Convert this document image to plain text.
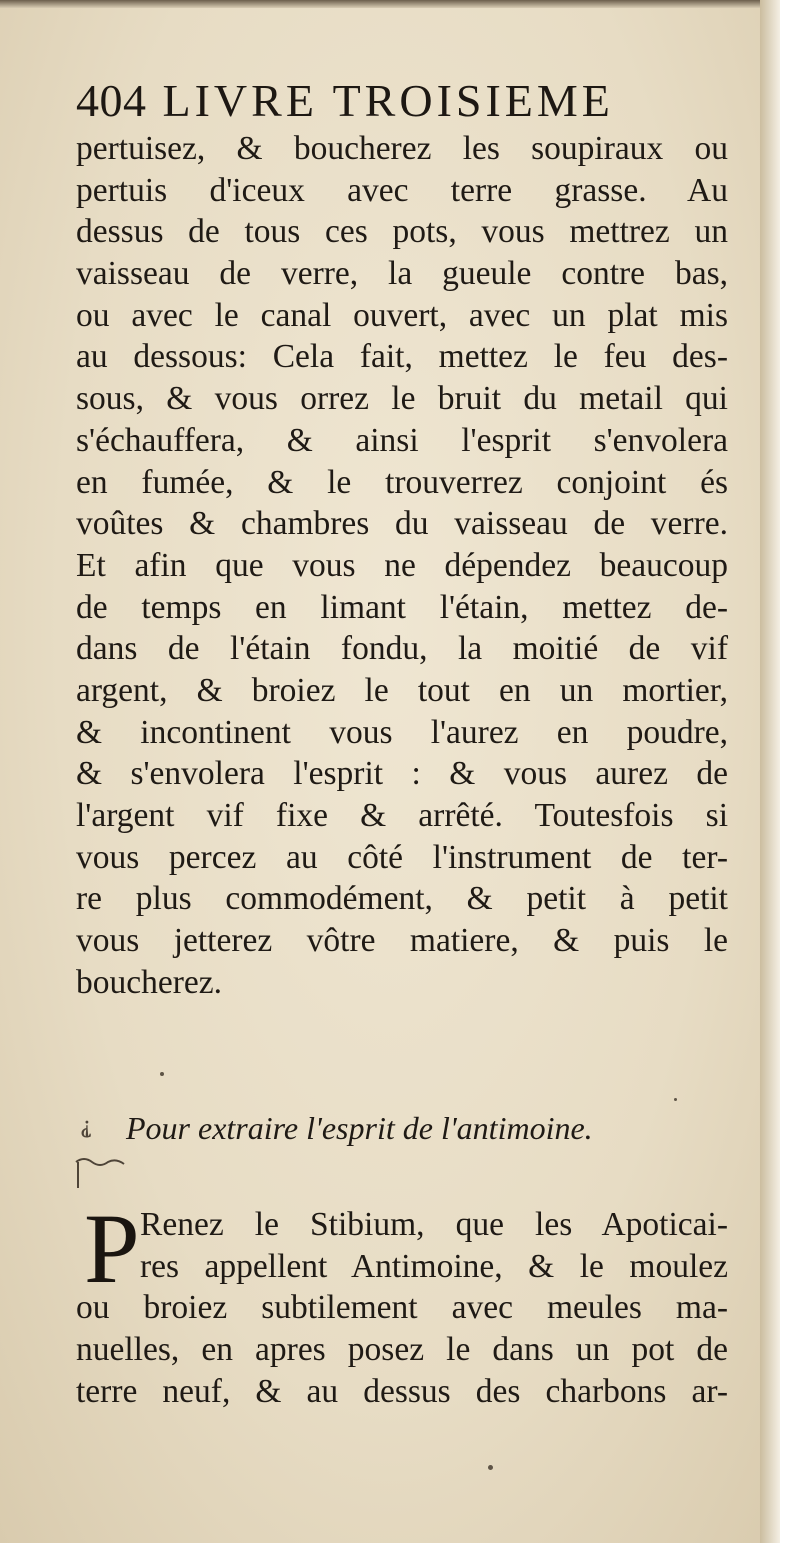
404 LIVRE TROISIEME
pertuisez, & boucherez les soupiraux ou
pertuis d'iceux avec terre grasse. Au
dessus de tous ces pots, vous mettrez un
vaisseau de verre, la gueule contre bas,
ou avec le canal ouvert, avec un plat mis
au dessous: Cela fait, mettez le feu des-
sous, & vous orrez le bruit du metail qui
s'échauffera, & ainsi l'esprit s'envolera
en fumée, & le trouverrez conjoint és
voûtes & chambres du vaisseau de verre.
Et afin que vous ne dépendez beaucoup
de temps en limant l'étain, mettez de-
dans de l'étain fondu, la moitié de vif
argent, & broiez le tout en un mortier,
& incontinent vous l'aurez en poudre,
& s'envolera l'esprit : & vous aurez de
l'argent vif fixe & arrêté. Toutesfois si
vous percez au côté l'instrument de ter-
re plus commodément, & petit à petit
vous jetterez vôtre matiere, & puis le
boucherez.
⸘ Pour extraire l'esprit de l'antimoine.
P Renez le Stibium, que les Apoticai-
res appellent Antimoine, & le moulez
ou broiez subtilement avec meules ma-
nuelles, en apres posez le dans un pot de
terre neuf, & au dessus des charbons ar-
